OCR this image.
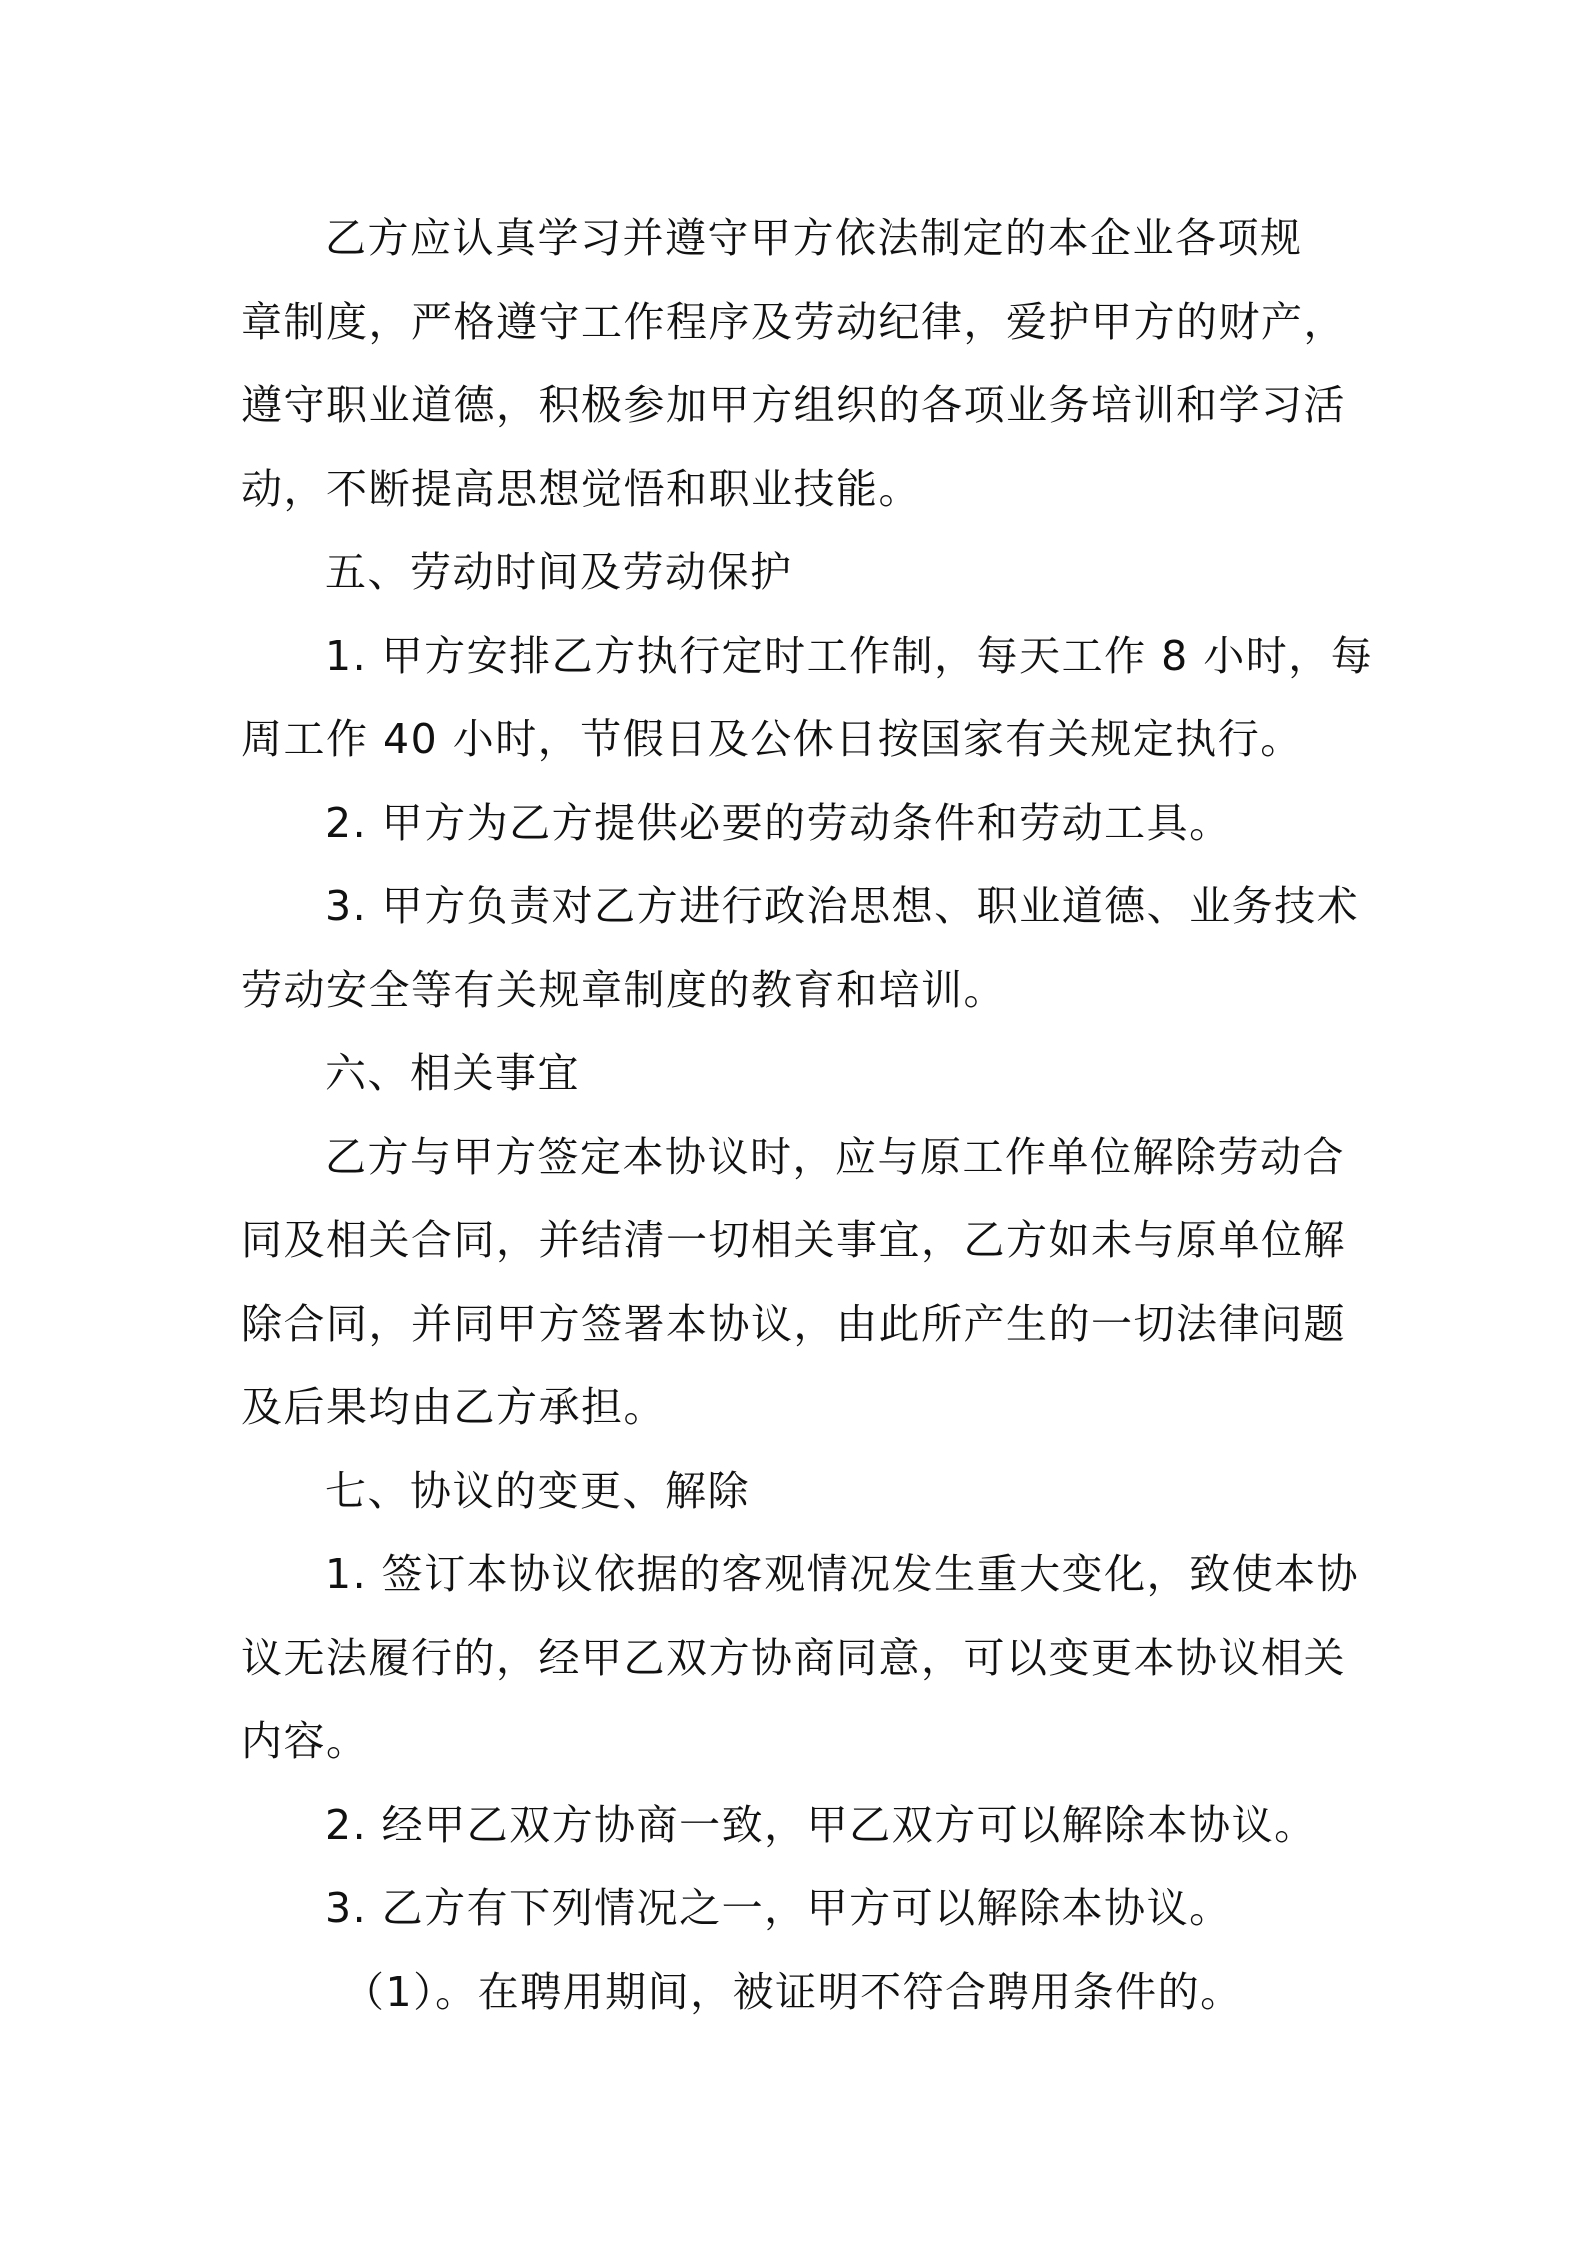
乙方应认真学习并遵守甲方依法制定的本企业各项规
章制度，严格遵守工作程序及劳动纪律，爱护甲方的财产，
遵守职业道德，积极参加甲方组织的各项业务培训和学习活
动，不断提高思想觉悟和职业技能。
五、劳动时间及劳动保护
1. 甲方安排乙方执行定时工作制，每天工作 8 小时，每
周工作 40 小时，节假日及公休日按国家有关规定执行。
2. 甲方为乙方提供必要的劳动条件和劳动工具。
3. 甲方负责对乙方进行政治思想、职业道德、业务技术
劳动安全等有关规章制度的教育和培训。
六、相关事宜
乙方与甲方签定本协议时，应与原工作单位解除劳动合
同及相关合同，并结清一切相关事宜，乙方如未与原单位解
除合同，并同甲方签署本协议，由此所产生的一切法律问题
及后果均由乙方承担。
七、协议的变更、解除
1. 签订本协议依据的客观情况发生重大变化，致使本协
议无法履行的，经甲乙双方协商同意，可以变更本协议相关
内容。
2. 经甲乙双方协商一致，甲乙双方可以解除本协议。
3. 乙方有下列情况之一，甲方可以解除本协议。
（1）。在聘用期间，被证明不符合聘用条件的。
